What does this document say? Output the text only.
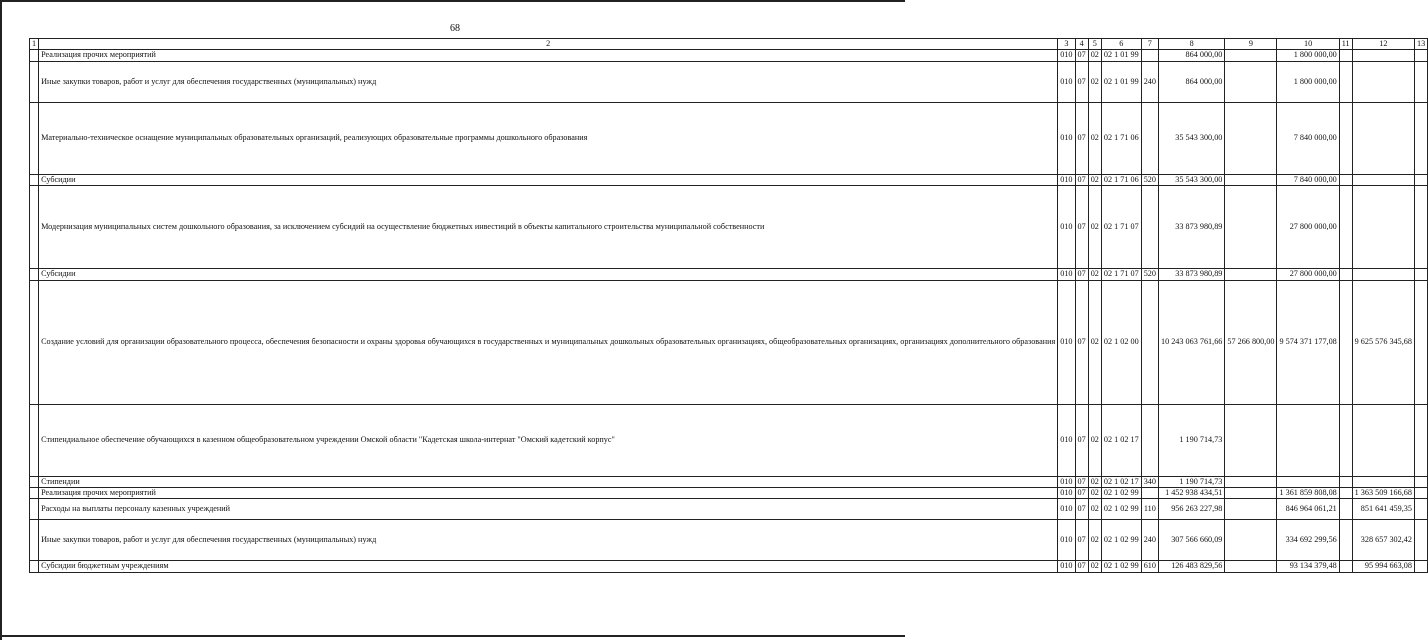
68
1	2	3	4	5	6	7	8	9	10	11	12	13
	Реализация прочих мероприятий	010	07	02	02 1 01 99		864 000,00		1 800 000,00			
	Иные закупки товаров, работ и услуг для обеспечения государственных (муниципальных) нужд	010	07	02	02 1 01 99	240	864 000,00		1 800 000,00			
	Материально-техническое оснащение муниципальных образовательных организаций, реализующих образовательные программы дошкольного образования	010	07	02	02 1 71 06		35 543 300,00		7 840 000,00			
	Субсидии	010	07	02	02 1 71 06	520	35 543 300,00		7 840 000,00			
	Модернизация муниципальных систем дошкольного образования, за исключением субсидий на осуществление бюджетных инвестиций в объекты капитального строительства муниципальной собственности	010	07	02	02 1 71 07		33 873 980,89		27 800 000,00			
	Субсидии	010	07	02	02 1 71 07	520	33 873 980,89		27 800 000,00			
	Создание условий для организации образовательного процесса, обеспечения безопасности и охраны здоровья обучающихся в государственных и муниципальных дошкольных образовательных организациях, общеобразовательных организациях, организациях дополнительного образования	010	07	02	02 1 02 00		10 243 063 761,66	57 266 800,00	9 574 371 177,08		9 625 576 345,68	
	Стипендиальное обеспечение обучающихся в казенном общеобразовательном учреждении Омской области "Кадетская школа-интернат "Омский кадетский корпус"	010	07	02	02 1 02 17		1 190 714,73					
	Стипендии	010	07	02	02 1 02 17	340	1 190 714,73					
	Реализация прочих мероприятий	010	07	02	02 1 02 99		1 452 938 434,51		1 361 859 808,08		1 363 509 166,68	
	Расходы на выплаты персоналу казенных учреждений	010	07	02	02 1 02 99	110	956 263 227,98		846 964 061,21		851 641 459,35	
	Иные закупки товаров, работ и услуг для обеспечения государственных (муниципальных) нужд	010	07	02	02 1 02 99	240	307 566 660,09		334 692 299,56		328 657 302,42	
	Субсидии бюджетным учреждениям	010	07	02	02 1 02 99	610	126 483 829,56		93 134 379,48		95 994 663,08	
